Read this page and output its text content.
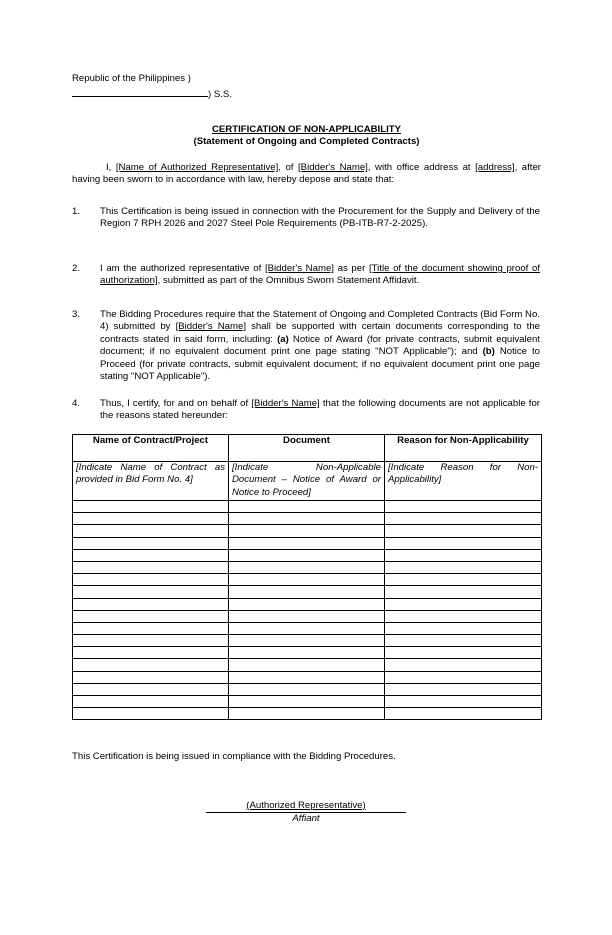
Republic of the Philippines )
) S.S.
CERTIFICATION OF NON-APPLICABILITY
(Statement of Ongoing and Completed Contracts)
I, [Name of Authorized Representative], of [Bidder's Name], with office address at [address], after having been sworn to in accordance with law, hereby depose and state that:
1. This Certification is being issued in connection with the Procurement for the Supply and Delivery of the Region 7 RPH 2026 and 2027 Steel Pole Requirements (PB-ITB-R7-2-2025).
2. I am the authorized representative of [Bidder's Name] as per [Title of the document showing proof of authorization], submitted as part of the Omnibus Sworn Statement Affidavit.
3. The Bidding Procedures require that the Statement of Ongoing and Completed Contracts (Bid Form No. 4) submitted by [Bidder's Name] shall be supported with certain documents corresponding to the contracts stated in said form, including: (a) Notice of Award (for private contracts, submit equivalent document; if no equivalent document print one page stating "NOT Applicable"); and (b) Notice to Proceed (for private contracts, submit equivalent document; if no equivalent document print one page stating "NOT Applicable").
4. Thus, I certify, for and on behalf of [Bidder's Name] that the following documents are not applicable for the reasons stated hereunder:
Name of Contract/Project	Document	Reason for Non-Applicability
[Indicate Name of Contract as provided in Bid Form No. 4]	[Indicate Non-Applicable Document – Notice of Award or Notice to Proceed]	[Indicate Reason for Non-Applicability]

This Certification is being issued in compliance with the Bidding Procedures.
(Authorized Representative)
Affiant
